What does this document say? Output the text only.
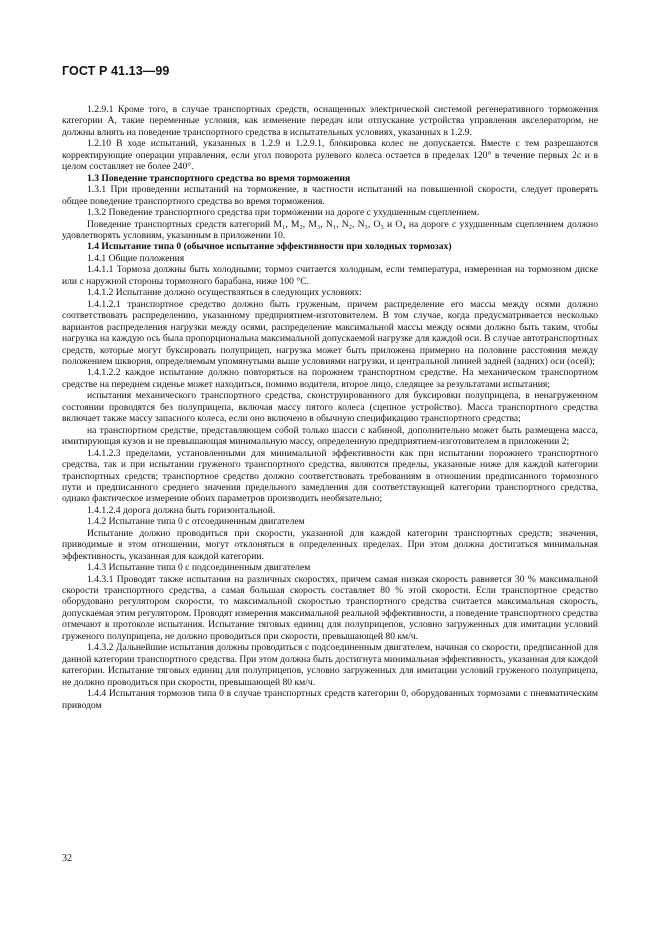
ГОСТ Р 41.13—99

1.2.9.1 Кроме того, в случае транспортных средств, оснащенных электрической системой регенеративного торможения категории A, такие переменные условия, как изменение передач или отпускание устройства управления акселератором, не должны влиять на поведение транспортного средства в испытательных условиях, указанных в 1.2.9.

1.2.10 В ходе испытаний, указанных в 1.2.9 и 1.2.9.1, блокировка колес не допускается. Вместе с тем разрешаются корректирующие операции управления, если угол поворота рулевого колеса остается в пределах 120° в течение первых 2с и в целом составляет не более 240°.

1.3 Поведение транспортного средства во время торможения

1.3.1 При проведении испытаний на торможение, в частности испытаний на повышенной скорости, следует проверять общее поведение транспортного средства во время торможения.

1.3.2 Поведение транспортного средства при торможении на дороге с ухудшенным сцеплением.

Поведение транспортных средств категорий M₁, M₂, M₃, N₁, N₂, N₃, O₃ и O₄ на дороге с ухудшенным сцеплением должно удовлетворять условиям, указанным в приложении 10.

1.4 Испытание типа 0 (обычное испытание эффективности при холодных тормозах)

1.4.1 Общие положения

1.4.1.1 Тормоза должны быть холодными; тормоз считается холодным, если температура, измеренная на тормозном диске или с наружной стороны тормозного барабана, ниже 100 °С.

1.4.1.2 Испытание должно осуществляться в следующих условиях:

1.4.1.2.1 транспортное средство должно быть груженым, причем распределение его массы между осями должно соответствовать распределению, указанному предприятием-изготовителем. В том случае, когда предусматривается несколько вариантов распределения нагрузки между осями, распределение максимальной массы между осями должно быть таким, чтобы нагрузка на каждую ось была пропорциональна максимальной допускаемой нагрузке для каждой оси. В случае автотранспортных средств, которые могут буксировать полуприцеп, нагрузка может быть приложена примерно на половине расстояния между положением шкворня, определяемым упомянутыми выше условиями нагрузки, и центральной линией задней (задних) оси (осей);

1.4.1.2.2 каждое испытание должно повторяться на порожнем транспортном средстве. На механическом транспортном средстве на переднем сиденье может находиться, помимо водителя, второе лицо, следящее за результатами испытания;

испытания механического транспортного средства, сконструированного для буксировки полуприцепа, в ненагруженном состоянии проводятся без полуприцепа, включая массу пятого колеса (сцепное устройство). Масса транспортного средства включает также массу запасного колеса, если оно включено в обычную спецификацию транспортного средства;

на транспортном средстве, представляющем собой только шасси с кабиной, дополнительно может быть размещена масса, имитирующая кузов и не превышающая минимальную массу, определенную предприятием-изготовителем в приложении 2;

1.4.1.2.3 пределами, установленными для минимальной эффективности как при испытании порожнего транспортного средства, так и при испытании груженого транспортного средства, являются пределы, указанные ниже для каждой категории транспортных средств; транспортное средство должно соответствовать требованиям в отношении предписанного тормозного пути и предписанного среднего значения предельного замедления для соответствующей категории транспортного средства, однако фактическое измерение обоих параметров производить необязательно;

1.4.1.2.4 дорога должна быть горизонтальной.

1.4.2 Испытание типа 0 с отсоединенным двигателем

Испытание должно проводиться при скорости, указанной для каждой категории транспортных средств; значения, приводимые в этом отношении, могут отклоняться в определенных пределах. При этом должна достигаться минимальная эффективность, указанная для каждой категории.

1.4.3 Испытание типа 0 с подсоединенным двигателем

1.4.3.1 Проводят также испытания на различных скоростях, причем самая низкая скорость равняется 30 % максимальной скорости транспортного средства, а самая большая скорость составляет 80 % этой скорости. Если транспортное средство оборудовано регулятором скорости, то максимальной скоростью транспортного средства считается максимальная скорость, допускаемая этим регулятором. Проводят измерения максимальной реальной эффективности, а поведение транспортного средства отмечают в протоколе испытания. Испытание тяговых единиц для полуприцепов, условно загруженных для имитации условий груженого полуприцепа, не должно проводиться при скорости, превышающей 80 км/ч.

1.4.3.2 Дальнейшие испытания должны проводиться с подсоединенным двигателем, начиная со скорости, предписанной для данной категории транспортного средства. При этом должна быть достигнута минимальная эффективность, указанная для каждой категории. Испытание тяговых единиц для полуприцепов, условно загруженных для имитации условий груженого полуприцепа, не должно проводиться при скорости, превышающей 80 км/ч.

1.4.4 Испытания тормозов типа 0 в случае транспортных средств категории 0, оборудованных тормозами с пневматическим приводом

32
